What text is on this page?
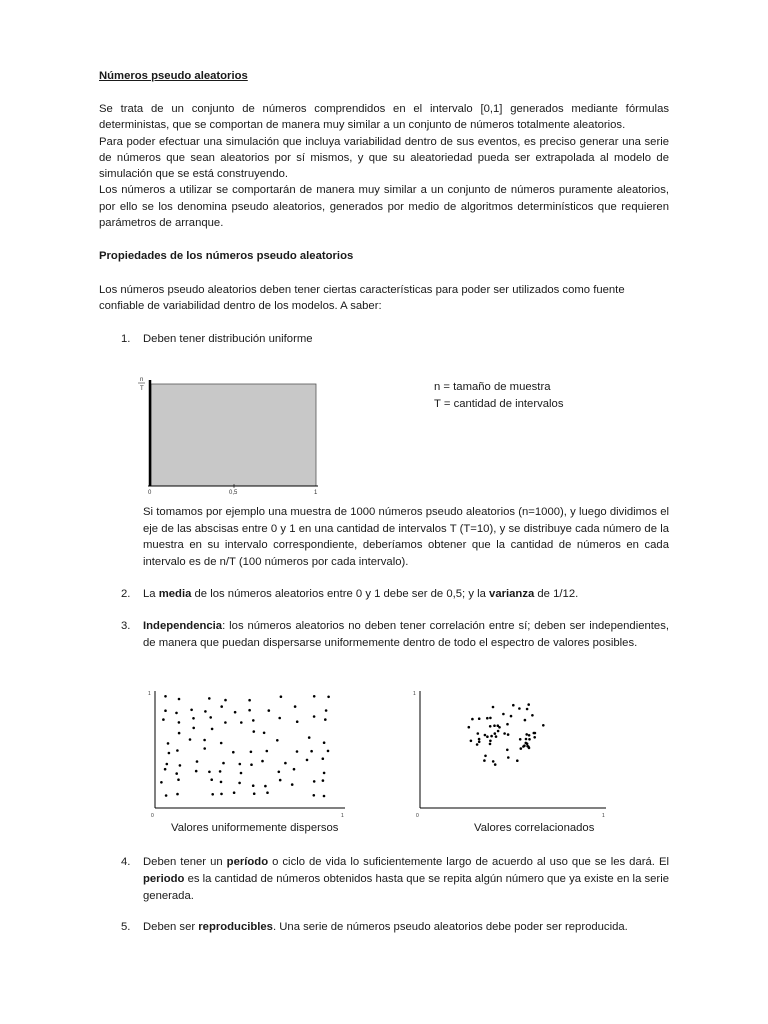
Números pseudo aleatorios

Se trata de un conjunto de números comprendidos en el intervalo [0,1] generados mediante fórmulas deterministas, que se comportan de manera muy similar a un conjunto de números totalmente aleatorios.

Para poder efectuar una simulación que incluya variabilidad dentro de sus eventos, es preciso generar una serie de números que sean aleatorios por sí mismos, y que su aleatoriedad pueda ser extrapolada al modelo de simulación que se está construyendo.

Los números a utilizar se comportarán de manera muy similar a un conjunto de números puramente aleatorios, por ello se los denomina pseudo aleatorios, generados por medio de algoritmos determinísticos que requieren parámetros de arranque.

Propiedades de los números pseudo aleatorios
Los números pseudo aleatorios deben tener ciertas características para poder ser utilizados como fuente confiable de variabilidad dentro de los modelos. A saber:
1. Deben tener distribución uniforme
n
T
0	0,5	1
n = tamaño de muestra
T = cantidad de intervalos
Si tomamos por ejemplo una muestra de 1000 números pseudo aleatorios (n=1000), y luego dividimos el eje de las abscisas entre 0 y 1 en una cantidad de intervalos T (T=10), y se distribuye cada número de la muestra en su intervalo correspondiente, deberíamos obtener que la cantidad de números en cada intervalo es de n/T (100 números por cada intervalo).
2. La media de los números aleatorios entre 0 y 1 debe ser de 0,5; y la varianza de 1/12.
3. Independencia: los números aleatorios no deben tener correlación entre sí; deben ser independientes, de manera que puedan dispersarse uniformemente dentro de todo el espectro de valores posibles.
1
0	1
Valores uniformemente dispersos
1
0	1
Valores correlacionados
4. Deben tener un período o ciclo de vida lo suficientemente largo de acuerdo al uso que se les dará. El periodo es la cantidad de números obtenidos hasta que se repita algún número que ya existe en la serie generada.
5. Deben ser reproducibles. Una serie de números pseudo aleatorios debe poder ser reproducida.
